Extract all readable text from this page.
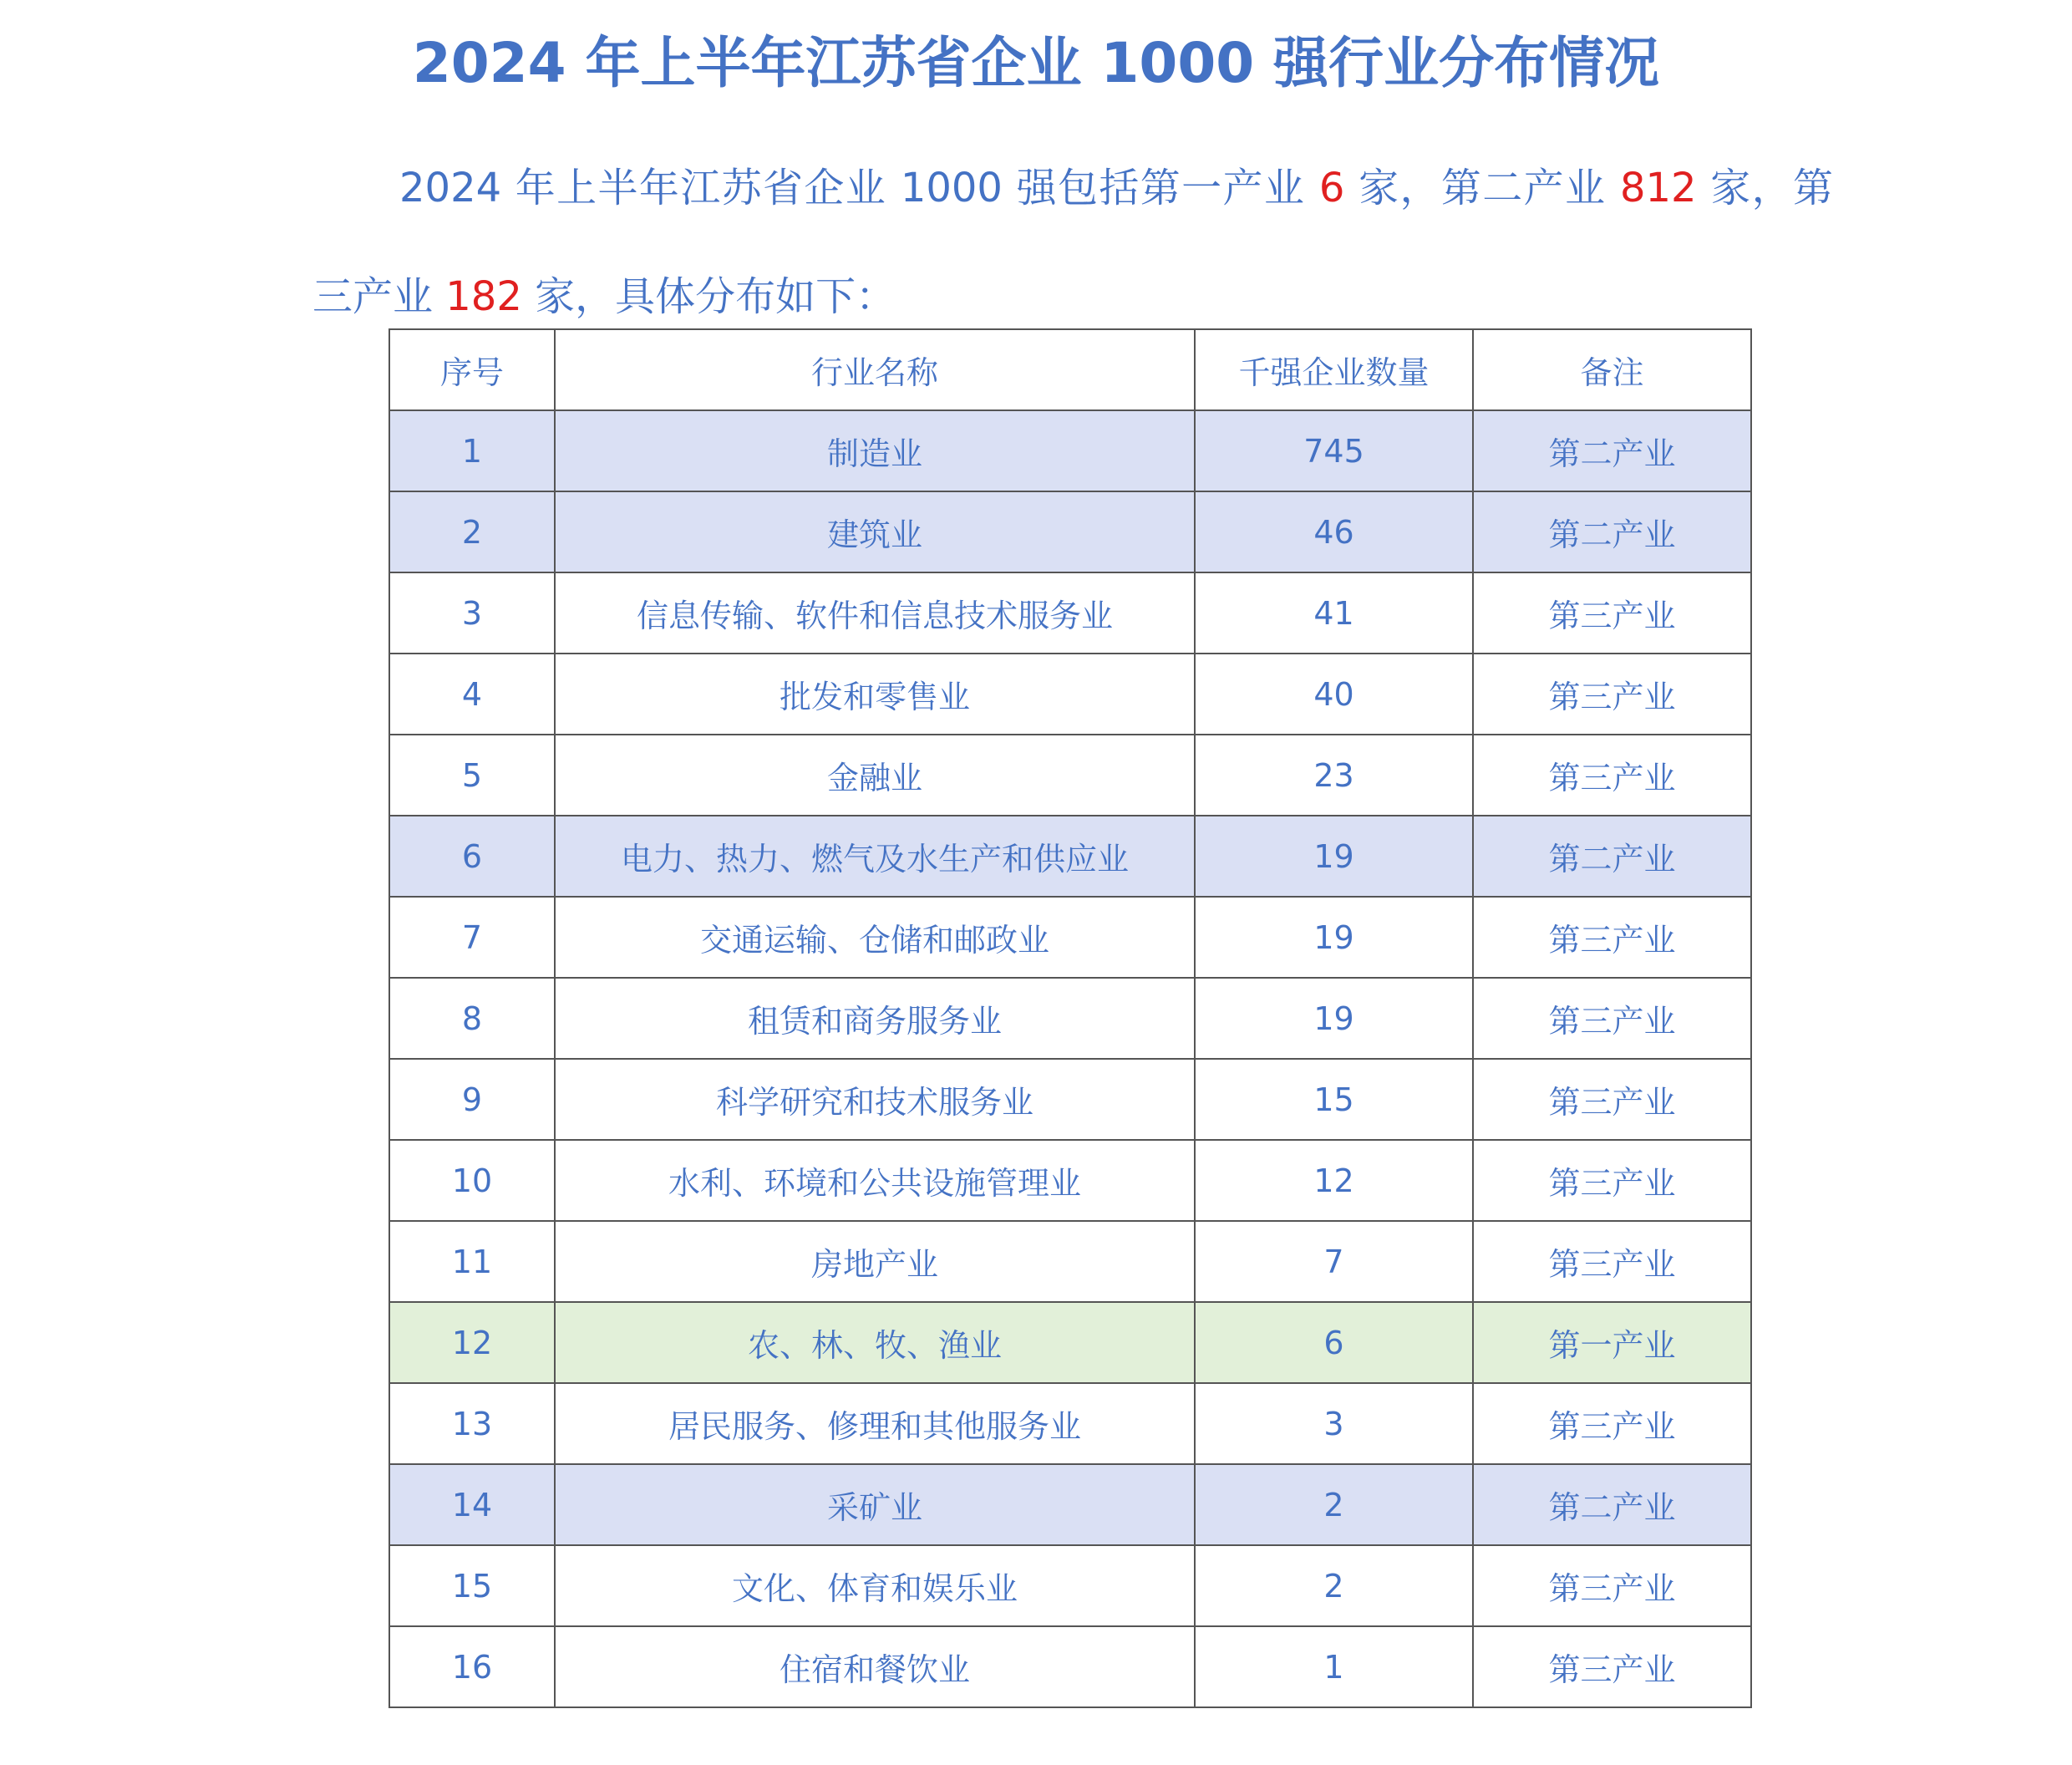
2024 年上半年江苏省企业 1000 强行业分布情况

2024 年上半年江苏省企业 1000 强包括第一产业 6 家，第二产业 812 家，第三产业 182 家，具体分布如下：

序号	行业名称	千强企业数量	备注
1	制造业	745	第二产业
2	建筑业	46	第二产业
3	信息传输、软件和信息技术服务业	41	第三产业
4	批发和零售业	40	第三产业
5	金融业	23	第三产业
6	电力、热力、燃气及水生产和供应业	19	第二产业
7	交通运输、仓储和邮政业	19	第三产业
8	租赁和商务服务业	19	第三产业
9	科学研究和技术服务业	15	第三产业
10	水利、环境和公共设施管理业	12	第三产业
11	房地产业	7	第三产业
12	农、林、牧、渔业	6	第一产业
13	居民服务、修理和其他服务业	3	第三产业
14	采矿业	2	第二产业
15	文化、体育和娱乐业	2	第三产业
16	住宿和餐饮业	1	第三产业
